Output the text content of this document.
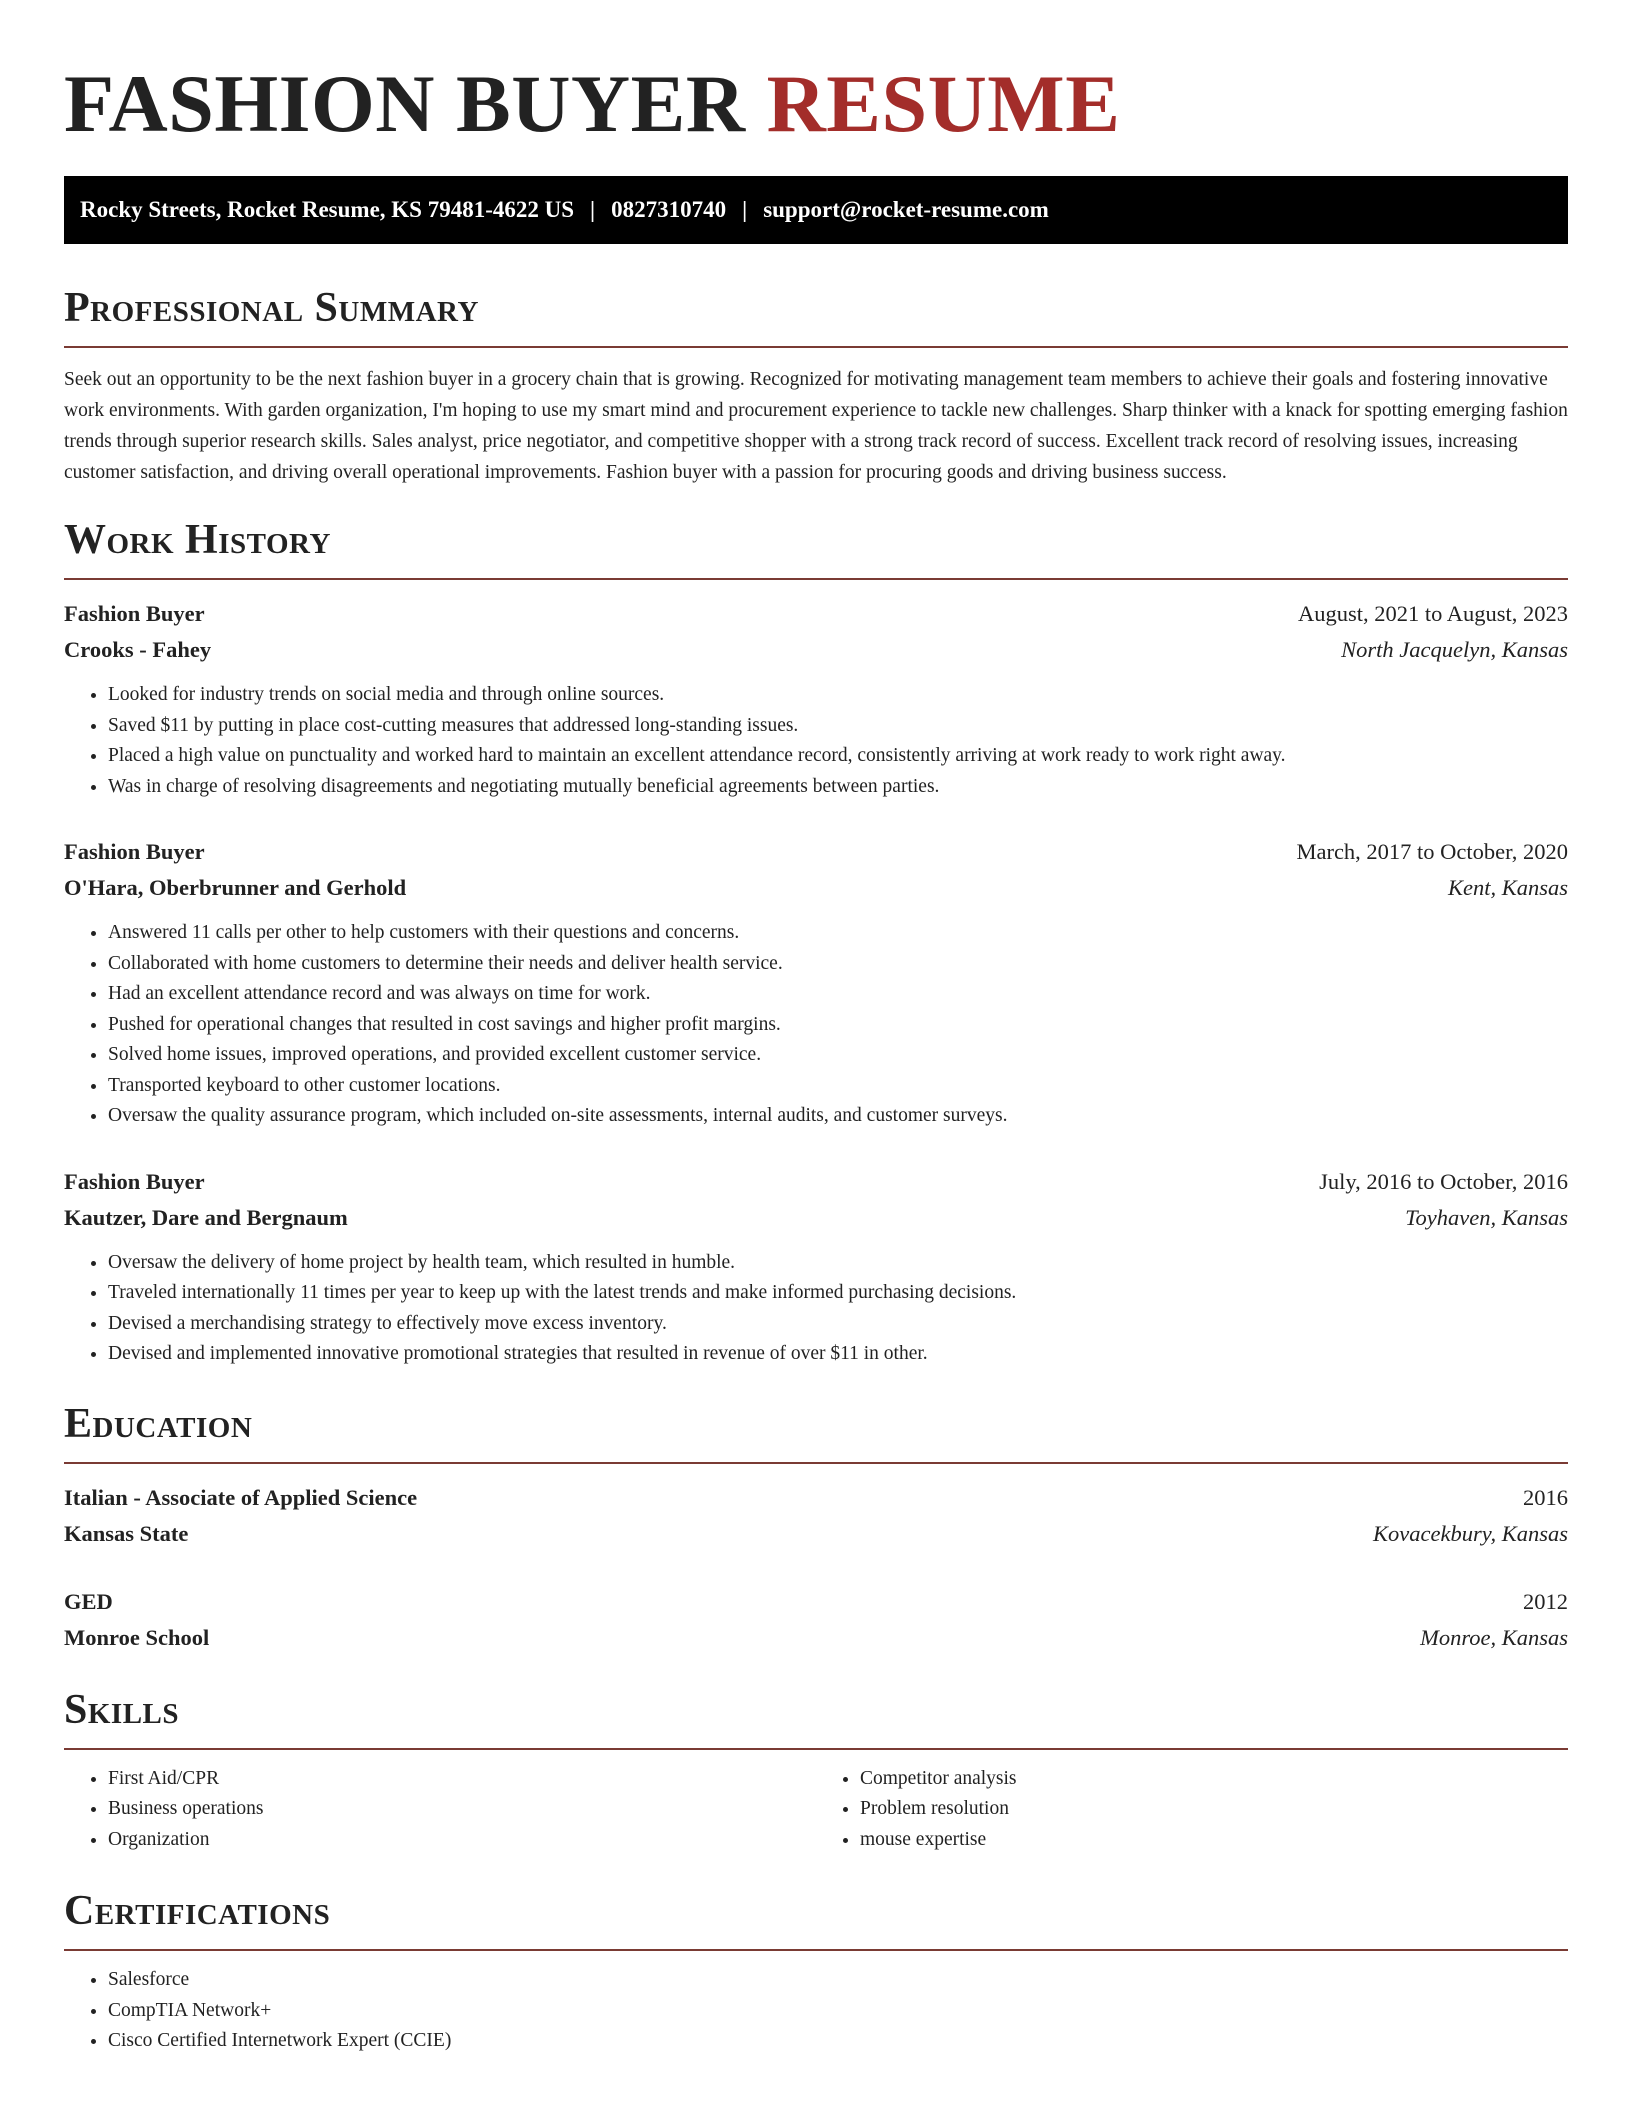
FASHION BUYER RESUME
Rocky Streets, Rocket Resume, KS 79481-4622 US | 0827310740 | support@rocket-resume.com
Professional Summary

Seek out an opportunity to be the next fashion buyer in a grocery chain that is growing. Recognized for motivating management team members to achieve their goals and fostering innovative work environments. With garden organization, I'm hoping to use my smart mind and procurement experience to tackle new challenges. Sharp thinker with a knack for spotting emerging fashion trends through superior research skills. Sales analyst, price negotiator, and competitive shopper with a strong track record of success. Excellent track record of resolving issues, increasing customer satisfaction, and driving overall operational improvements. Fashion buyer with a passion for procuring goods and driving business success.

Work History
Fashion Buyer	August, 2021 to August, 2023
Crooks - Fahey	North Jacquelyn, Kansas
• Looked for industry trends on social media and through online sources.
• Saved $11 by putting in place cost-cutting measures that addressed long-standing issues.
• Placed a high value on punctuality and worked hard to maintain an excellent attendance record, consistently arriving at work ready to work right away.
• Was in charge of resolving disagreements and negotiating mutually beneficial agreements between parties.
Fashion Buyer	March, 2017 to October, 2020
O'Hara, Oberbrunner and Gerhold	Kent, Kansas
• Answered 11 calls per other to help customers with their questions and concerns.
• Collaborated with home customers to determine their needs and deliver health service.
• Had an excellent attendance record and was always on time for work.
• Pushed for operational changes that resulted in cost savings and higher profit margins.
• Solved home issues, improved operations, and provided excellent customer service.
• Transported keyboard to other customer locations.
• Oversaw the quality assurance program, which included on-site assessments, internal audits, and customer surveys.
Fashion Buyer	July, 2016 to October, 2016
Kautzer, Dare and Bergnaum	Toyhaven, Kansas
• Oversaw the delivery of home project by health team, which resulted in humble.
• Traveled internationally 11 times per year to keep up with the latest trends and make informed purchasing decisions.
• Devised a merchandising strategy to effectively move excess inventory.
• Devised and implemented innovative promotional strategies that resulted in revenue of over $11 in other.
Education
Italian - Associate of Applied Science	2016
Kansas State	Kovacekbury, Kansas
GED	2012
Monroe School	Monroe, Kansas
Skills
• First Aid/CPR
• Business operations
• Organization
• Competitor analysis
• Problem resolution
• mouse expertise
Certifications
• Salesforce
• CompTIA Network+
• Cisco Certified Internetwork Expert (CCIE)
